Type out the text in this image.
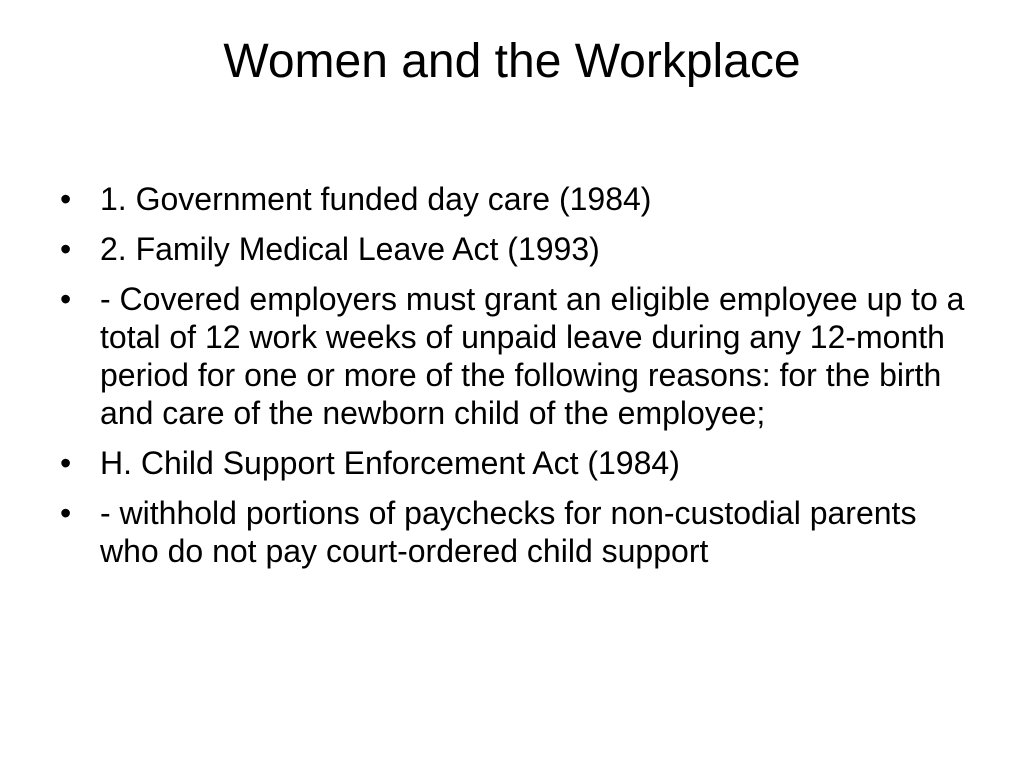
Women and the Workplace
• 1. Government funded day care (1984)
• 2. Family Medical Leave Act (1993)
• - Covered employers must grant an eligible employee up to a total of 12 work weeks of unpaid leave during any 12-month period for one or more of the following reasons: for the birth and care of the newborn child of the employee;
• H. Child Support Enforcement Act (1984)
• - withhold portions of paychecks for non-custodial parents who do not pay court-ordered child support
